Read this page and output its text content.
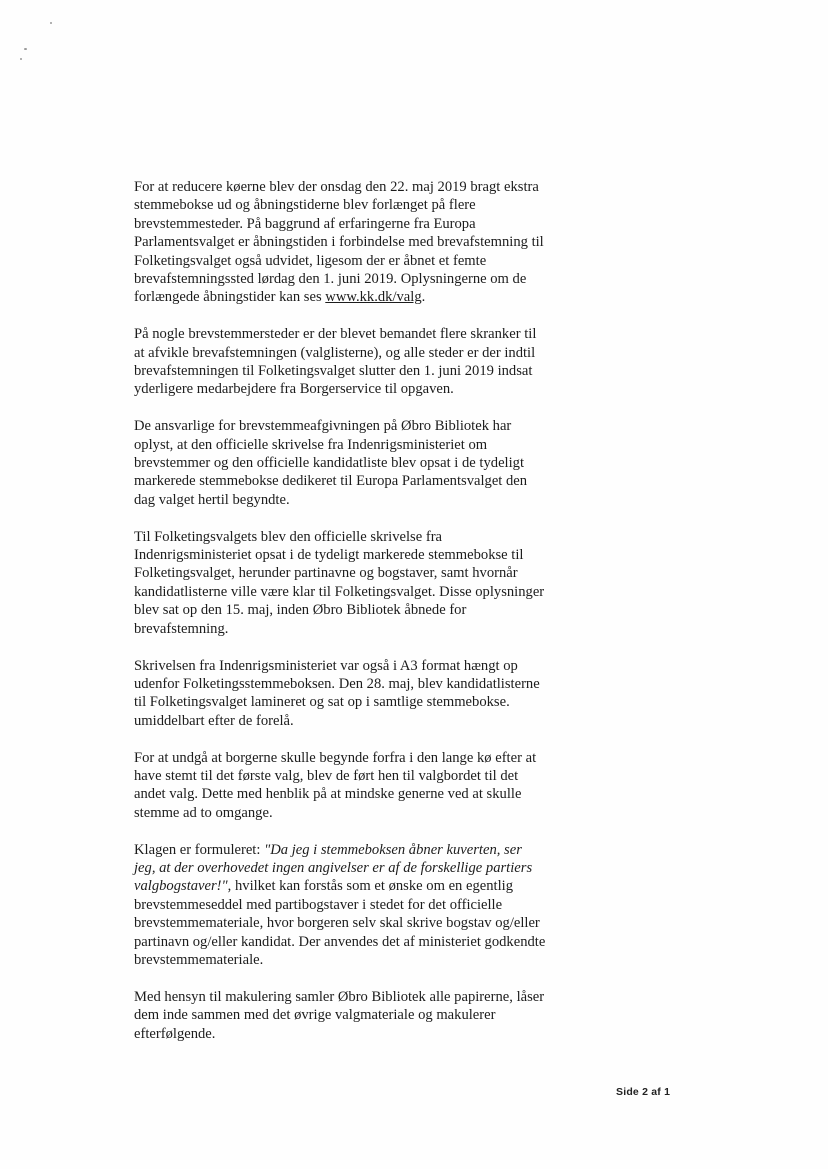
For at reducere køerne blev der onsdag den 22. maj 2019 bragt ekstra
stemmebokse ud og åbningstiderne blev forlænget på flere
brevstemmesteder. På baggrund af erfaringerne fra Europa
Parlamentsvalget er åbningstiden i forbindelse med brevafstemning til
Folketingsvalget også udvidet, ligesom der er åbnet et femte
brevafstemningssted lørdag den 1. juni 2019. Oplysningerne om de
forlængede åbningstider kan ses www.kk.dk/valg.

På nogle brevstemmersteder er der blevet bemandet flere skranker til
at afvikle brevafstemningen (valglisterne), og alle steder er der indtil
brevafstemningen til Folketingsvalget slutter den 1. juni 2019 indsat
yderligere medarbejdere fra Borgerservice til opgaven.

De ansvarlige for brevstemmeafgivningen på Øbro Bibliotek har
oplyst, at den officielle skrivelse fra Indenrigsministeriet om
brevstemmer og den officielle kandidatliste blev opsat i de tydeligt
markerede stemmebokse dedikeret til Europa Parlamentsvalget den
dag valget hertil begyndte.

Til Folketingsvalgets blev den officielle skrivelse fra
Indenrigsministeriet opsat i de tydeligt markerede stemmebokse til
Folketingsvalget, herunder partinavne og bogstaver, samt hvornår
kandidatlisterne ville være klar til Folketingsvalget. Disse oplysninger
blev sat op den 15. maj, inden Øbro Bibliotek åbnede for
brevafstemning.

Skrivelsen fra Indenrigsministeriet var også i A3 format hængt op
udenfor Folketingsstemmeboksen. Den 28. maj, blev kandidatlisterne
til Folketingsvalget lamineret og sat op i samtlige stemmebokse.
umiddelbart efter de forelå.

For at undgå at borgerne skulle begynde forfra i den lange kø efter at
have stemt til det første valg, blev de ført hen til valgbordet til det
andet valg. Dette med henblik på at mindske generne ved at skulle
stemme ad to omgange.

Klagen er formuleret: "Da jeg i stemmeboksen åbner kuverten, ser
jeg, at der overhovedet ingen angivelser er af de forskellige partiers
valgbogstaver!", hvilket kan forstås som et ønske om en egentlig
brevstemmeseddel med partibogstaver i stedet for det officielle
brevstemmemateriale, hvor borgeren selv skal skrive bogstav og/eller
partinavn og/eller kandidat. Der anvendes det af ministeriet godkendte
brevstemmemateriale.

Med hensyn til makulering samler Øbro Bibliotek alle papirerne, låser
dem inde sammen med det øvrige valgmateriale og makulerer
efterfølgende.

Side 2 af 1
